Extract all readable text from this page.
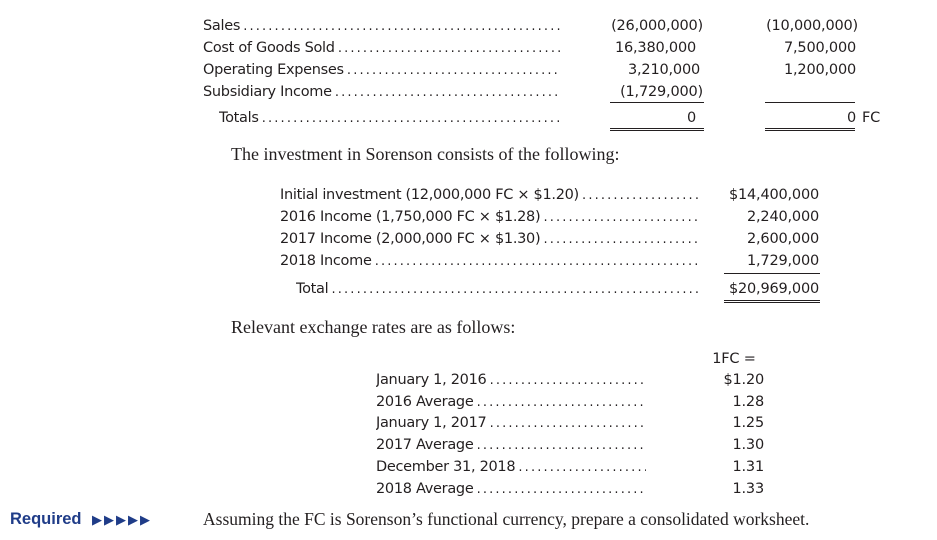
Sales . . .	(26,000,000)	(10,000,000)
Cost of Goods Sold . . .	16,380,000	7,500,000
Operating Expenses . . .	3,210,000	1,200,000
Subsidiary Income . . .	(1,729,000)
Totals . . .	0	0 FC
The investment in Sorenson consists of the following:
Initial investment (12,000,000 FC × $1.20) . . .	$14,400,000
2016 Income (1,750,000 FC × $1.28) . . .	2,240,000
2017 Income (2,000,000 FC × $1.30) . . .	2,600,000
2018 Income . . .	1,729,000
Total . . .	$20,969,000
Relevant exchange rates are as follows:
1FC =
January 1, 2016 . . .	$1.20
2016 Average . . .	1.28
January 1, 2017 . . .	1.25
2017 Average . . .	1.30
December 31, 2018 . . .	1.31
2018 Average . . .	1.33
Required ▶▶▶▶▶	Assuming the FC is Sorenson’s functional currency, prepare a consolidated worksheet.
